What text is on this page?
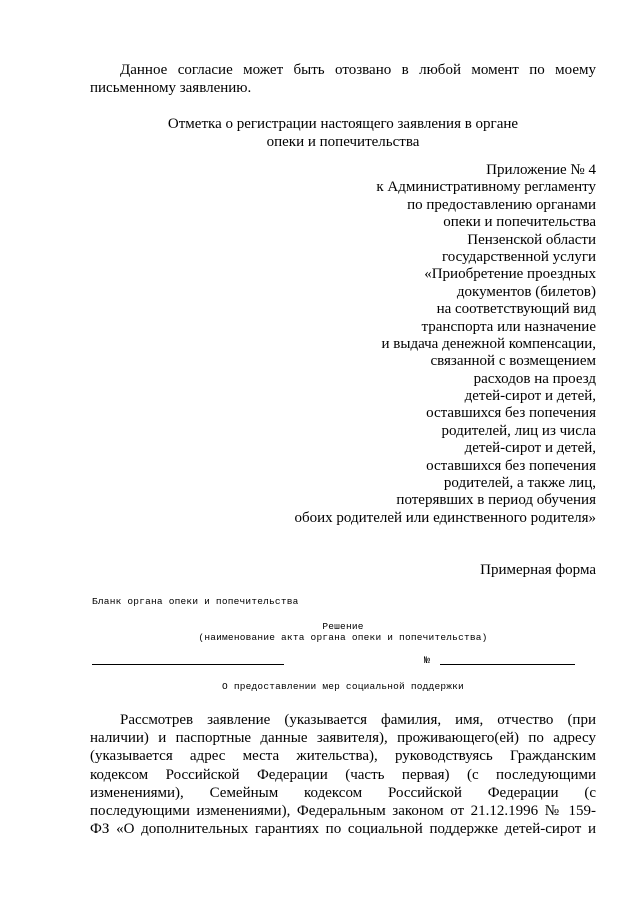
Данное согласие может быть отозвано в любой момент по моему
письменному заявлению.
Отметка о регистрации настоящего заявления в органе
опеки и попечительства
Приложение № 4
к Административному регламенту
по предоставлению органами
опеки и попечительства
Пензенской области
государственной услуги
«Приобретение проездных
документов (билетов)
на соответствующий вид
транспорта или назначение
и выдача денежной компенсации,
связанной с возмещением
расходов на проезд
детей-сирот и детей,
оставшихся без попечения
родителей, лиц из числа
детей-сирот и детей,
оставшихся без попечения
родителей, а также лиц,
потерявших в период обучения
обоих родителей или единственного родителя»
Примерная форма
Бланк органа опеки и попечительства
Решение
(наименование акта органа опеки и попечительства)
№
О предоставлении мер социальной поддержки
Рассмотрев заявление (указывается фамилия, имя, отчество (при
наличии) и паспортные данные заявителя), проживающего(ей) по адресу
(указывается адрес места жительства), руководствуясь Гражданским
кодексом Российской Федерации (часть первая) (с последующими
изменениями), Семейным кодексом Российской Федерации (с
последующими изменениями), Федеральным законом от 21.12.1996 № 159-
ФЗ «О дополнительных гарантиях по социальной поддержке детей-сирот и
